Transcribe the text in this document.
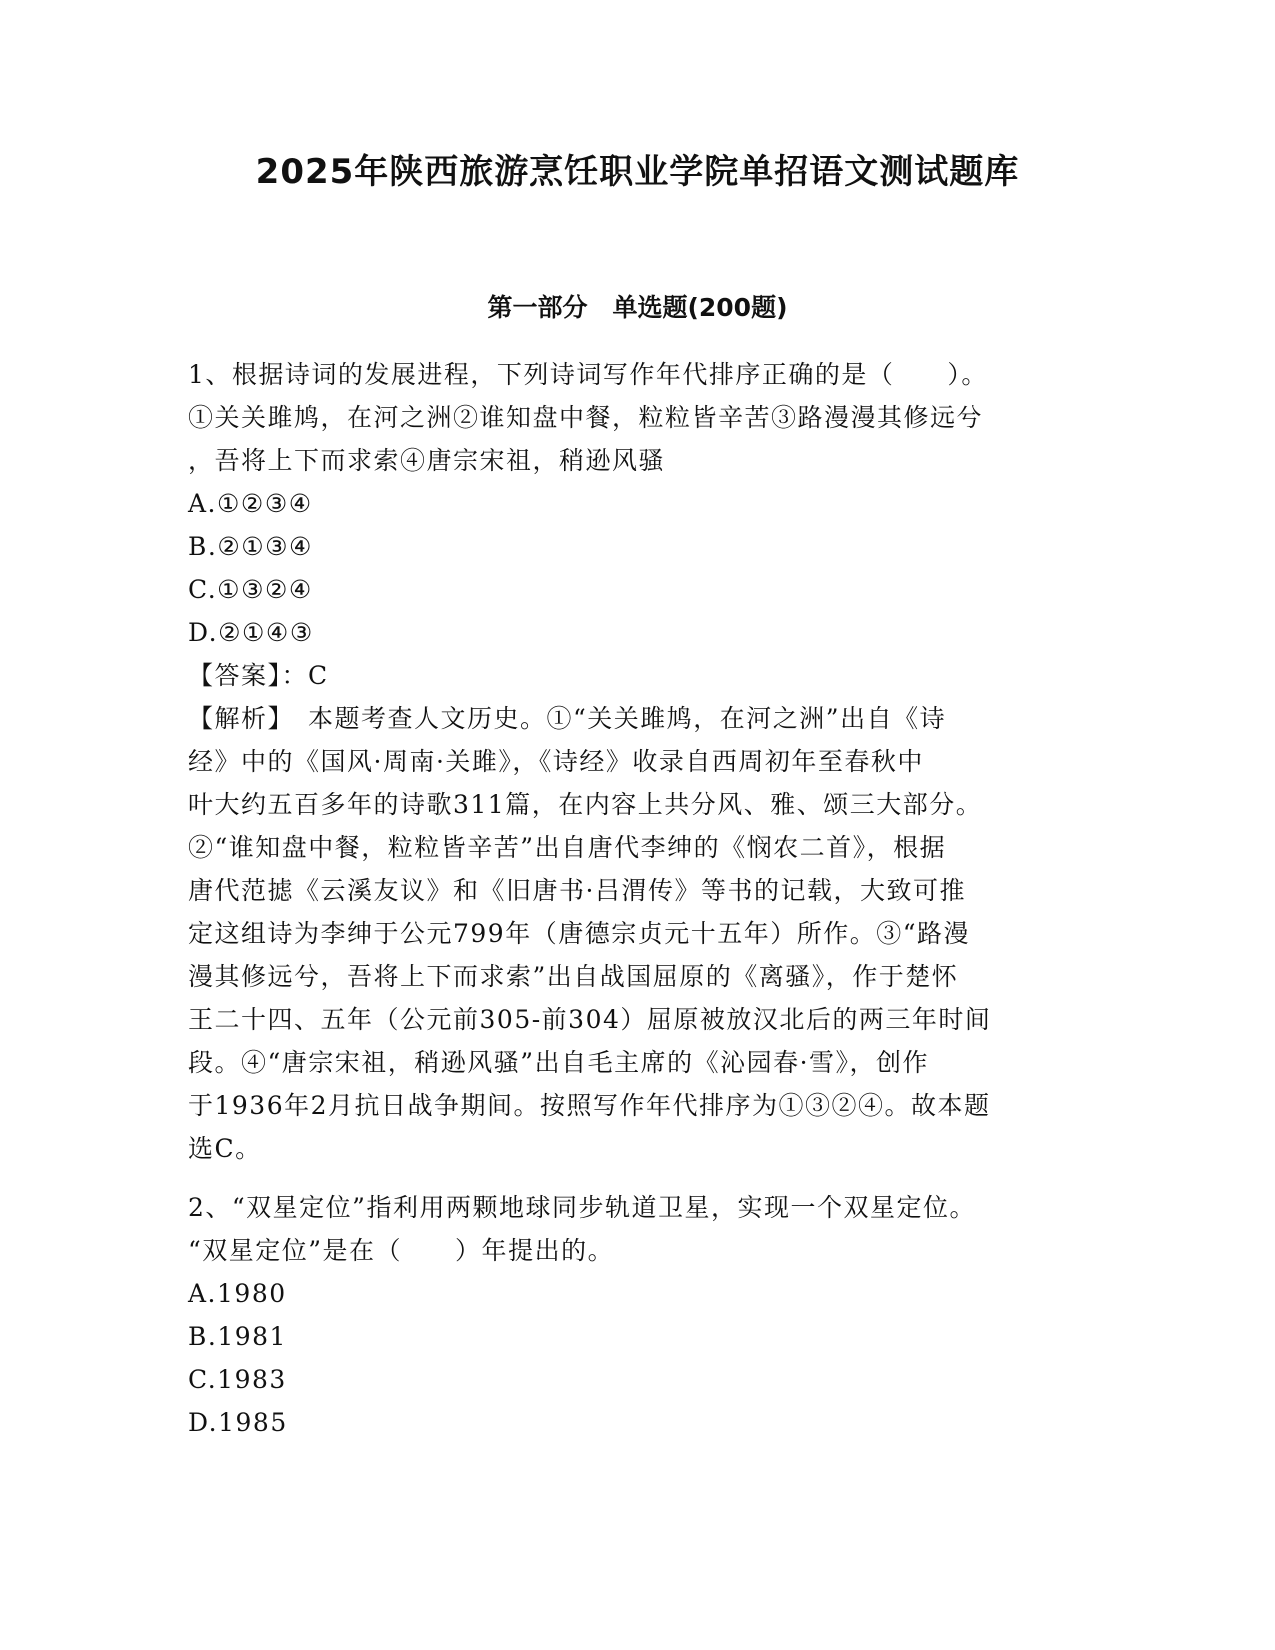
2025年陕西旅游烹饪职业学院单招语文测试题库
第一部分　单选题(200题)

1、根据诗词的发展进程，下列诗词写作年代排序正确的是（　　）。

①关关雎鸠，在河之洲②谁知盘中餐，粒粒皆辛苦③路漫漫其修远兮

，吾将上下而求索④唐宗宋祖，稍逊风骚

A.①②③④

B.②①③④

C.①③②④

D.②①④③

【答案】：C

【解析】　本题考查人文历史。①“关关雎鸠，在河之洲”出自《诗

经》中的《国风·周南·关雎》，《诗经》收录自西周初年至春秋中

叶大约五百多年的诗歌311篇，在内容上共分风、雅、颂三大部分。

②“谁知盘中餐，粒粒皆辛苦”出自唐代李绅的《悯农二首》，根据

唐代范摅《云溪友议》和《旧唐书·吕渭传》等书的记载，大致可推

定这组诗为李绅于公元799年（唐德宗贞元十五年）所作。③“路漫

漫其修远兮，吾将上下而求索”出自战国屈原的《离骚》，作于楚怀

王二十四、五年（公元前305-前304）屈原被放汉北后的两三年时间

段。④“唐宗宋祖，稍逊风骚”出自毛主席的《沁园春·雪》，创作

于1936年2月抗日战争期间。按照写作年代排序为①③②④。故本题

选C。

2、“双星定位”指利用两颗地球同步轨道卫星，实现一个双星定位。

“双星定位”是在（　　）年提出的。

A.1980

B.1981

C.1983

D.1985
